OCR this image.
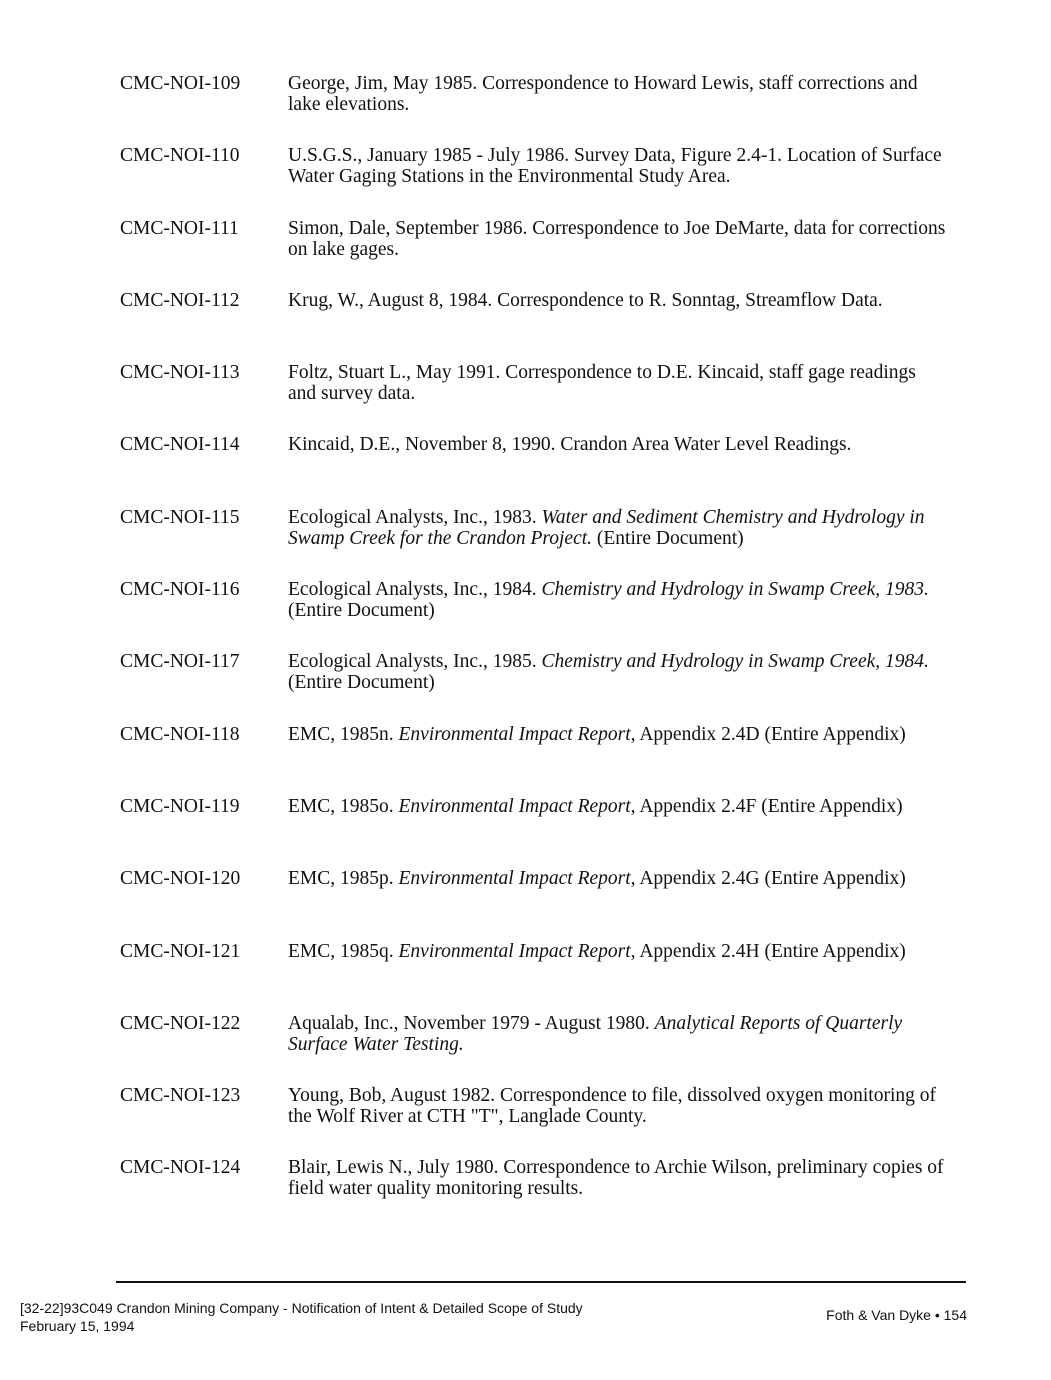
CMC-NOI-109	George, Jim, May 1985. Correspondence to Howard Lewis, staff corrections and lake elevations.
CMC-NOI-110	U.S.G.S., January 1985 - July 1986. Survey Data, Figure 2.4-1. Location of Surface Water Gaging Stations in the Environmental Study Area.
CMC-NOI-111	Simon, Dale, September 1986. Correspondence to Joe DeMarte, data for corrections on lake gages.
CMC-NOI-112	Krug, W., August 8, 1984. Correspondence to R. Sonntag, Streamflow Data.
CMC-NOI-113	Foltz, Stuart L., May 1991. Correspondence to D.E. Kincaid, staff gage readings and survey data.
CMC-NOI-114	Kincaid, D.E., November 8, 1990. Crandon Area Water Level Readings.
CMC-NOI-115	Ecological Analysts, Inc., 1983. Water and Sediment Chemistry and Hydrology in Swamp Creek for the Crandon Project. (Entire Document)
CMC-NOI-116	Ecological Analysts, Inc., 1984. Chemistry and Hydrology in Swamp Creek, 1983. (Entire Document)
CMC-NOI-117	Ecological Analysts, Inc., 1985. Chemistry and Hydrology in Swamp Creek, 1984. (Entire Document)
CMC-NOI-118	EMC, 1985n. Environmental Impact Report, Appendix 2.4D (Entire Appendix)
CMC-NOI-119	EMC, 1985o. Environmental Impact Report, Appendix 2.4F (Entire Appendix)
CMC-NOI-120	EMC, 1985p. Environmental Impact Report, Appendix 2.4G (Entire Appendix)
CMC-NOI-121	EMC, 1985q. Environmental Impact Report, Appendix 2.4H (Entire Appendix)
CMC-NOI-122	Aqualab, Inc., November 1979 - August 1980. Analytical Reports of Quarterly Surface Water Testing.
CMC-NOI-123	Young, Bob, August 1982. Correspondence to file, dissolved oxygen monitoring of the Wolf River at CTH "T", Langlade County.
CMC-NOI-124	Blair, Lewis N., July 1980. Correspondence to Archie Wilson, preliminary copies of field water quality monitoring results.
[32-22]93C049 Crandon Mining Company - Notification of Intent & Detailed Scope of Study
February 15, 1994
Foth & Van Dyke • 154
